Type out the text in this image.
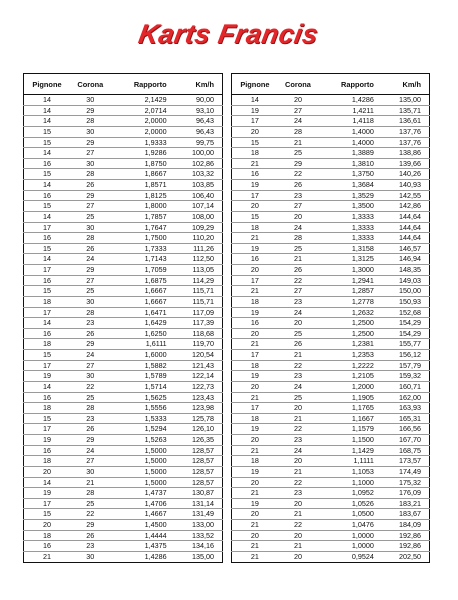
Karts Francis
Pignone	Corona	Rapporto	Km/h
14	30	2,1429	90,00
14	29	2,0714	93,10
14	28	2,0000	96,43
15	30	2,0000	96,43
15	29	1,9333	99,75
14	27	1,9286	100,00
16	30	1,8750	102,86
15	28	1,8667	103,32
14	26	1,8571	103,85
16	29	1,8125	106,40
15	27	1,8000	107,14
14	25	1,7857	108,00
17	30	1,7647	109,29
16	28	1,7500	110,20
15	26	1,7333	111,26
14	24	1,7143	112,50
17	29	1,7059	113,05
16	27	1,6875	114,29
15	25	1,6667	115,71
18	30	1,6667	115,71
17	28	1,6471	117,09
14	23	1,6429	117,39
16	26	1,6250	118,68
18	29	1,6111	119,70
15	24	1,6000	120,54
17	27	1,5882	121,43
19	30	1,5789	122,14
14	22	1,5714	122,73
16	25	1,5625	123,43
18	28	1,5556	123,98
15	23	1,5333	125,78
17	26	1,5294	126,10
19	29	1,5263	126,35
16	24	1,5000	128,57
18	27	1,5000	128,57
20	30	1,5000	128,57
14	21	1,5000	128,57
19	28	1,4737	130,87
17	25	1,4706	131,14
15	22	1,4667	131,49
20	29	1,4500	133,00
18	26	1,4444	133,52
16	23	1,4375	134,16
21	30	1,4286	135,00
Pignone	Corona	Rapporto	Km/h
14	20	1,4286	135,00
19	27	1,4211	135,71
17	24	1,4118	136,61
20	28	1,4000	137,76
15	21	1,4000	137,76
18	25	1,3889	138,86
21	29	1,3810	139,66
16	22	1,3750	140,26
19	26	1,3684	140,93
17	23	1,3529	142,55
20	27	1,3500	142,86
15	20	1,3333	144,64
18	24	1,3333	144,64
21	28	1,3333	144,64
19	25	1,3158	146,57
16	21	1,3125	146,94
20	26	1,3000	148,35
17	22	1,2941	149,03
21	27	1,2857	150,00
18	23	1,2778	150,93
19	24	1,2632	152,68
16	20	1,2500	154,29
20	25	1,2500	154,29
21	26	1,2381	155,77
17	21	1,2353	156,12
18	22	1,2222	157,79
19	23	1,2105	159,32
20	24	1,2000	160,71
21	25	1,1905	162,00
17	20	1,1765	163,93
18	21	1,1667	165,31
19	22	1,1579	166,56
20	23	1,1500	167,70
21	24	1,1429	168,75
18	20	1,1111	173,57
19	21	1,1053	174,49
20	22	1,1000	175,32
21	23	1,0952	176,09
19	20	1,0526	183,21
20	21	1,0500	183,67
21	22	1,0476	184,09
20	20	1,0000	192,86
21	21	1,0000	192,86
21	20	0,9524	202,50
